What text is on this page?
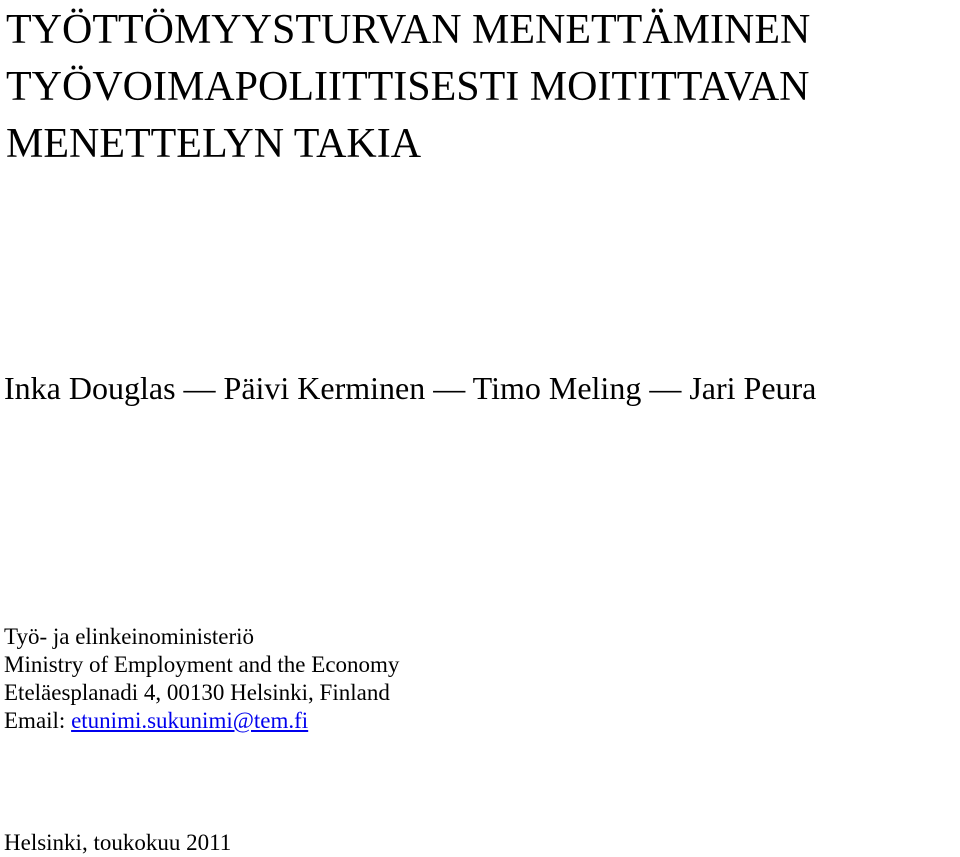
TYÖTTÖMYYSTURVAN MENETTÄMINEN
TYÖVOIMAPOLIITTISESTI MOITITTAVAN
MENETTELYN TAKIA

Inka Douglas — Päivi Kerminen — Timo Meling — Jari Peura

Työ- ja elinkeinoministeriö
Ministry of Employment and the Economy
Eteläesplanadi 4, 00130 Helsinki, Finland
Email: etunimi.sukunimi@tem.fi

Helsinki, toukokuu 2011
